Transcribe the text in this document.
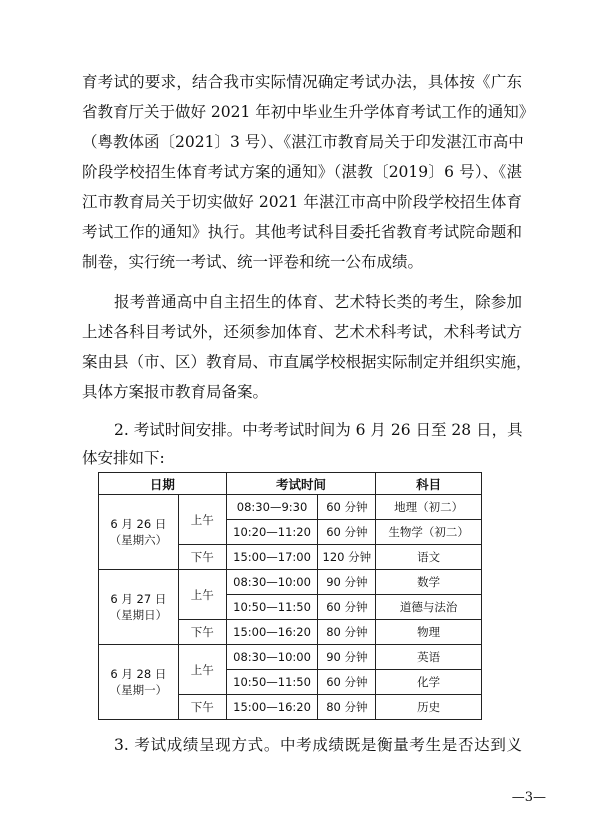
育考试的要求，结合我市实际情况确定考试办法，具体按《广东
省教育厅关于做好 2021 年初中毕业生升学体育考试工作的通知》
（粤教体函〔2021〕3 号）、《湛江市教育局关于印发湛江市高中
阶段学校招生体育考试方案的通知》（湛教〔2019〕6 号）、《湛
江市教育局关于切实做好 2021 年湛江市高中阶段学校招生体育
考试工作的通知》执行。其他考试科目委托省教育考试院命题和
制卷，实行统一考试、统一评卷和统一公布成绩。
报考普通高中自主招生的体育、艺术特长类的考生，除参加
上述各科目考试外，还须参加体育、艺术术科考试，术科考试方
案由县（市、区）教育局、市直属学校根据实际制定并组织实施，
具体方案报市教育局备案。
2. 考试时间安排。中考考试时间为 6 月 26 日至 28 日，具
体安排如下:
日期		考试时间		科目

6 月 26 日
（星期六）	上午	08:30—9:30	60 分钟	地理（初二）
		10:20—11:20	60 分钟	生物学（初二）
	下午	15:00—17:00	120 分钟	语文

6 月 27 日
（星期日）	上午	08:30—10:00	90 分钟	数学
		10:50—11:50	60 分钟	道德与法治
	下午	15:00—16:20	80 分钟	物理

6 月 28 日
（星期一）	上午	08:30—10:00	90 分钟	英语
		10:50—11:50	60 分钟	化学
	下午	15:00—16:20	80 分钟	历史
3. 考试成绩呈现方式。中考成绩既是衡量考生是否达到义
—3—
